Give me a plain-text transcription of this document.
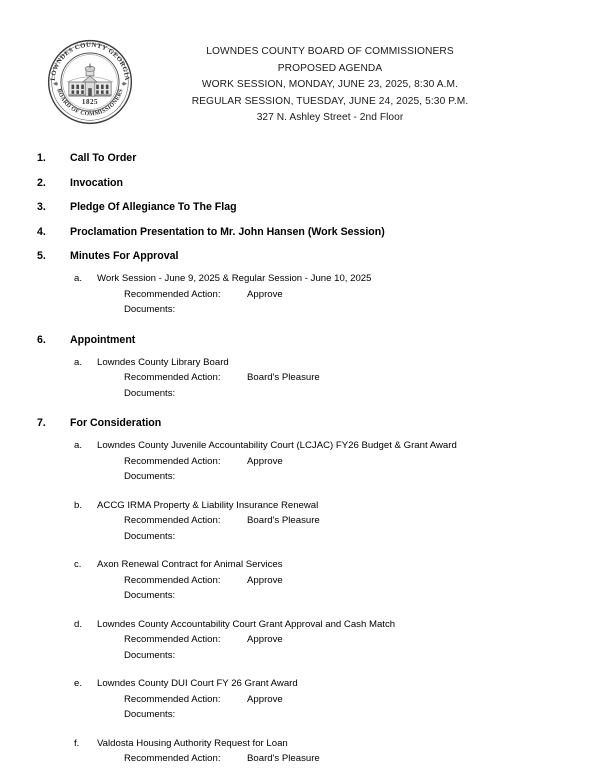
LOWNDES COUNTY GEORGIA
BOARD OF COMMISSIONERS
1825
LOWNDES COUNTY BOARD OF COMMISSIONERS
PROPOSED AGENDA
WORK SESSION, MONDAY, JUNE 23, 2025, 8:30 A.M.
REGULAR SESSION, TUESDAY, JUNE 24, 2025, 5:30 P.M.
327 N. Ashley Street - 2nd Floor
1. Call To Order
2. Invocation
3. Pledge Of Allegiance To The Flag
4. Proclamation Presentation to Mr. John Hansen (Work Session)
5. Minutes For Approval
a. Work Session - June 9, 2025 & Regular Session - June 10, 2025
Recommended Action:	Approve
Documents:
6. Appointment
a. Lowndes County Library Board
Recommended Action:	Board's Pleasure
Documents:
7. For Consideration
a. Lowndes County Juvenile Accountability Court (LCJAC) FY26 Budget & Grant Award
Recommended Action:	Approve
Documents:
b. ACCG IRMA Property & Liability Insurance Renewal
Recommended Action:	Board's Pleasure
Documents:
c. Axon Renewal Contract for Animal Services
Recommended Action:	Approve
Documents:
d. Lowndes County Accountability Court Grant Approval and Cash Match
Recommended Action:	Approve
Documents:
e. Lowndes County DUI Court FY 26 Grant Award
Recommended Action:	Approve
Documents:
f. Valdosta Housing Authority Request for Loan
Recommended Action:	Board's Pleasure
